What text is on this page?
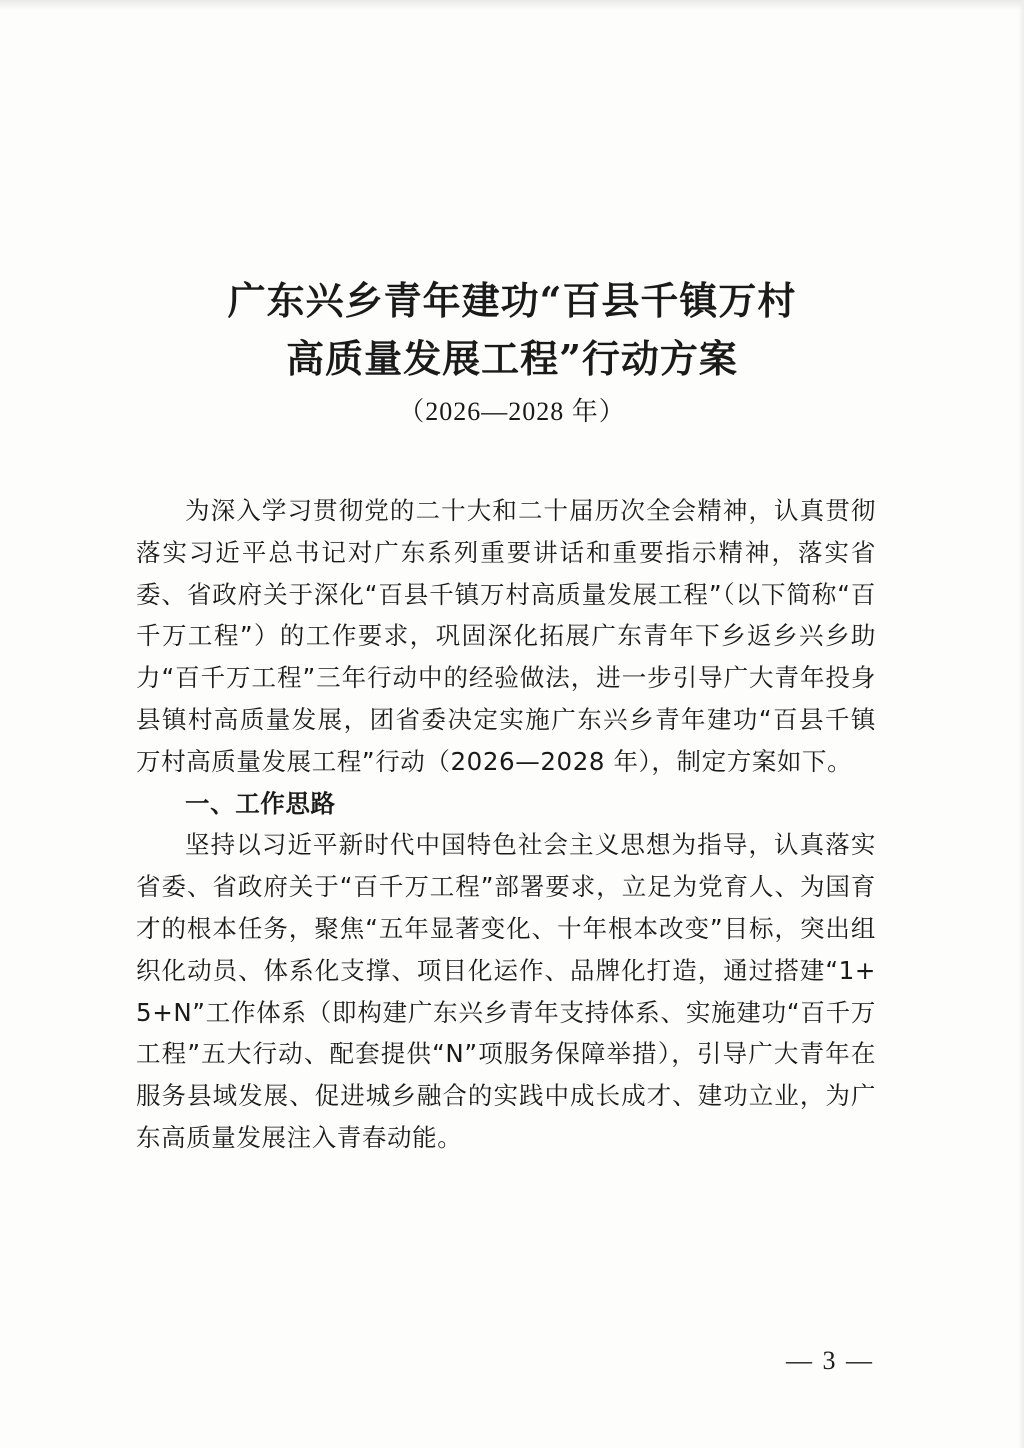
广东兴乡青年建功“百县千镇万村

高质量发展工程”行动方案

（2026—2028 年）

为深入学习贯彻党的二十大和二十届历次全会精神，认真贯彻落实习近平总书记对广东系列重要讲话和重要指示精神，落实省委、省政府关于深化“百县千镇万村高质量发展工程”（以下简称“百千万工程”）的工作要求，巩固深化拓展广东青年下乡返乡兴乡助力“百千万工程”三年行动中的经验做法，进一步引导广大青年投身县镇村高质量发展，团省委决定实施广东兴乡青年建功“百县千镇万村高质量发展工程”行动（2026—2028 年），制定方案如下。

一、工作思路

坚持以习近平新时代中国特色社会主义思想为指导，认真落实省委、省政府关于“百千万工程”部署要求，立足为党育人、为国育才的根本任务，聚焦“五年显著变化、十年根本改变”目标，突出组织化动员、体系化支撑、项目化运作、品牌化打造，通过搭建“1+5+N”工作体系（即构建广东兴乡青年支持体系、实施建功“百千万工程”五大行动、配套提供“N”项服务保障举措），引导广大青年在服务县域发展、促进城乡融合的实践中成长成才、建功立业，为广东高质量发展注入青春动能。

— 3 —
